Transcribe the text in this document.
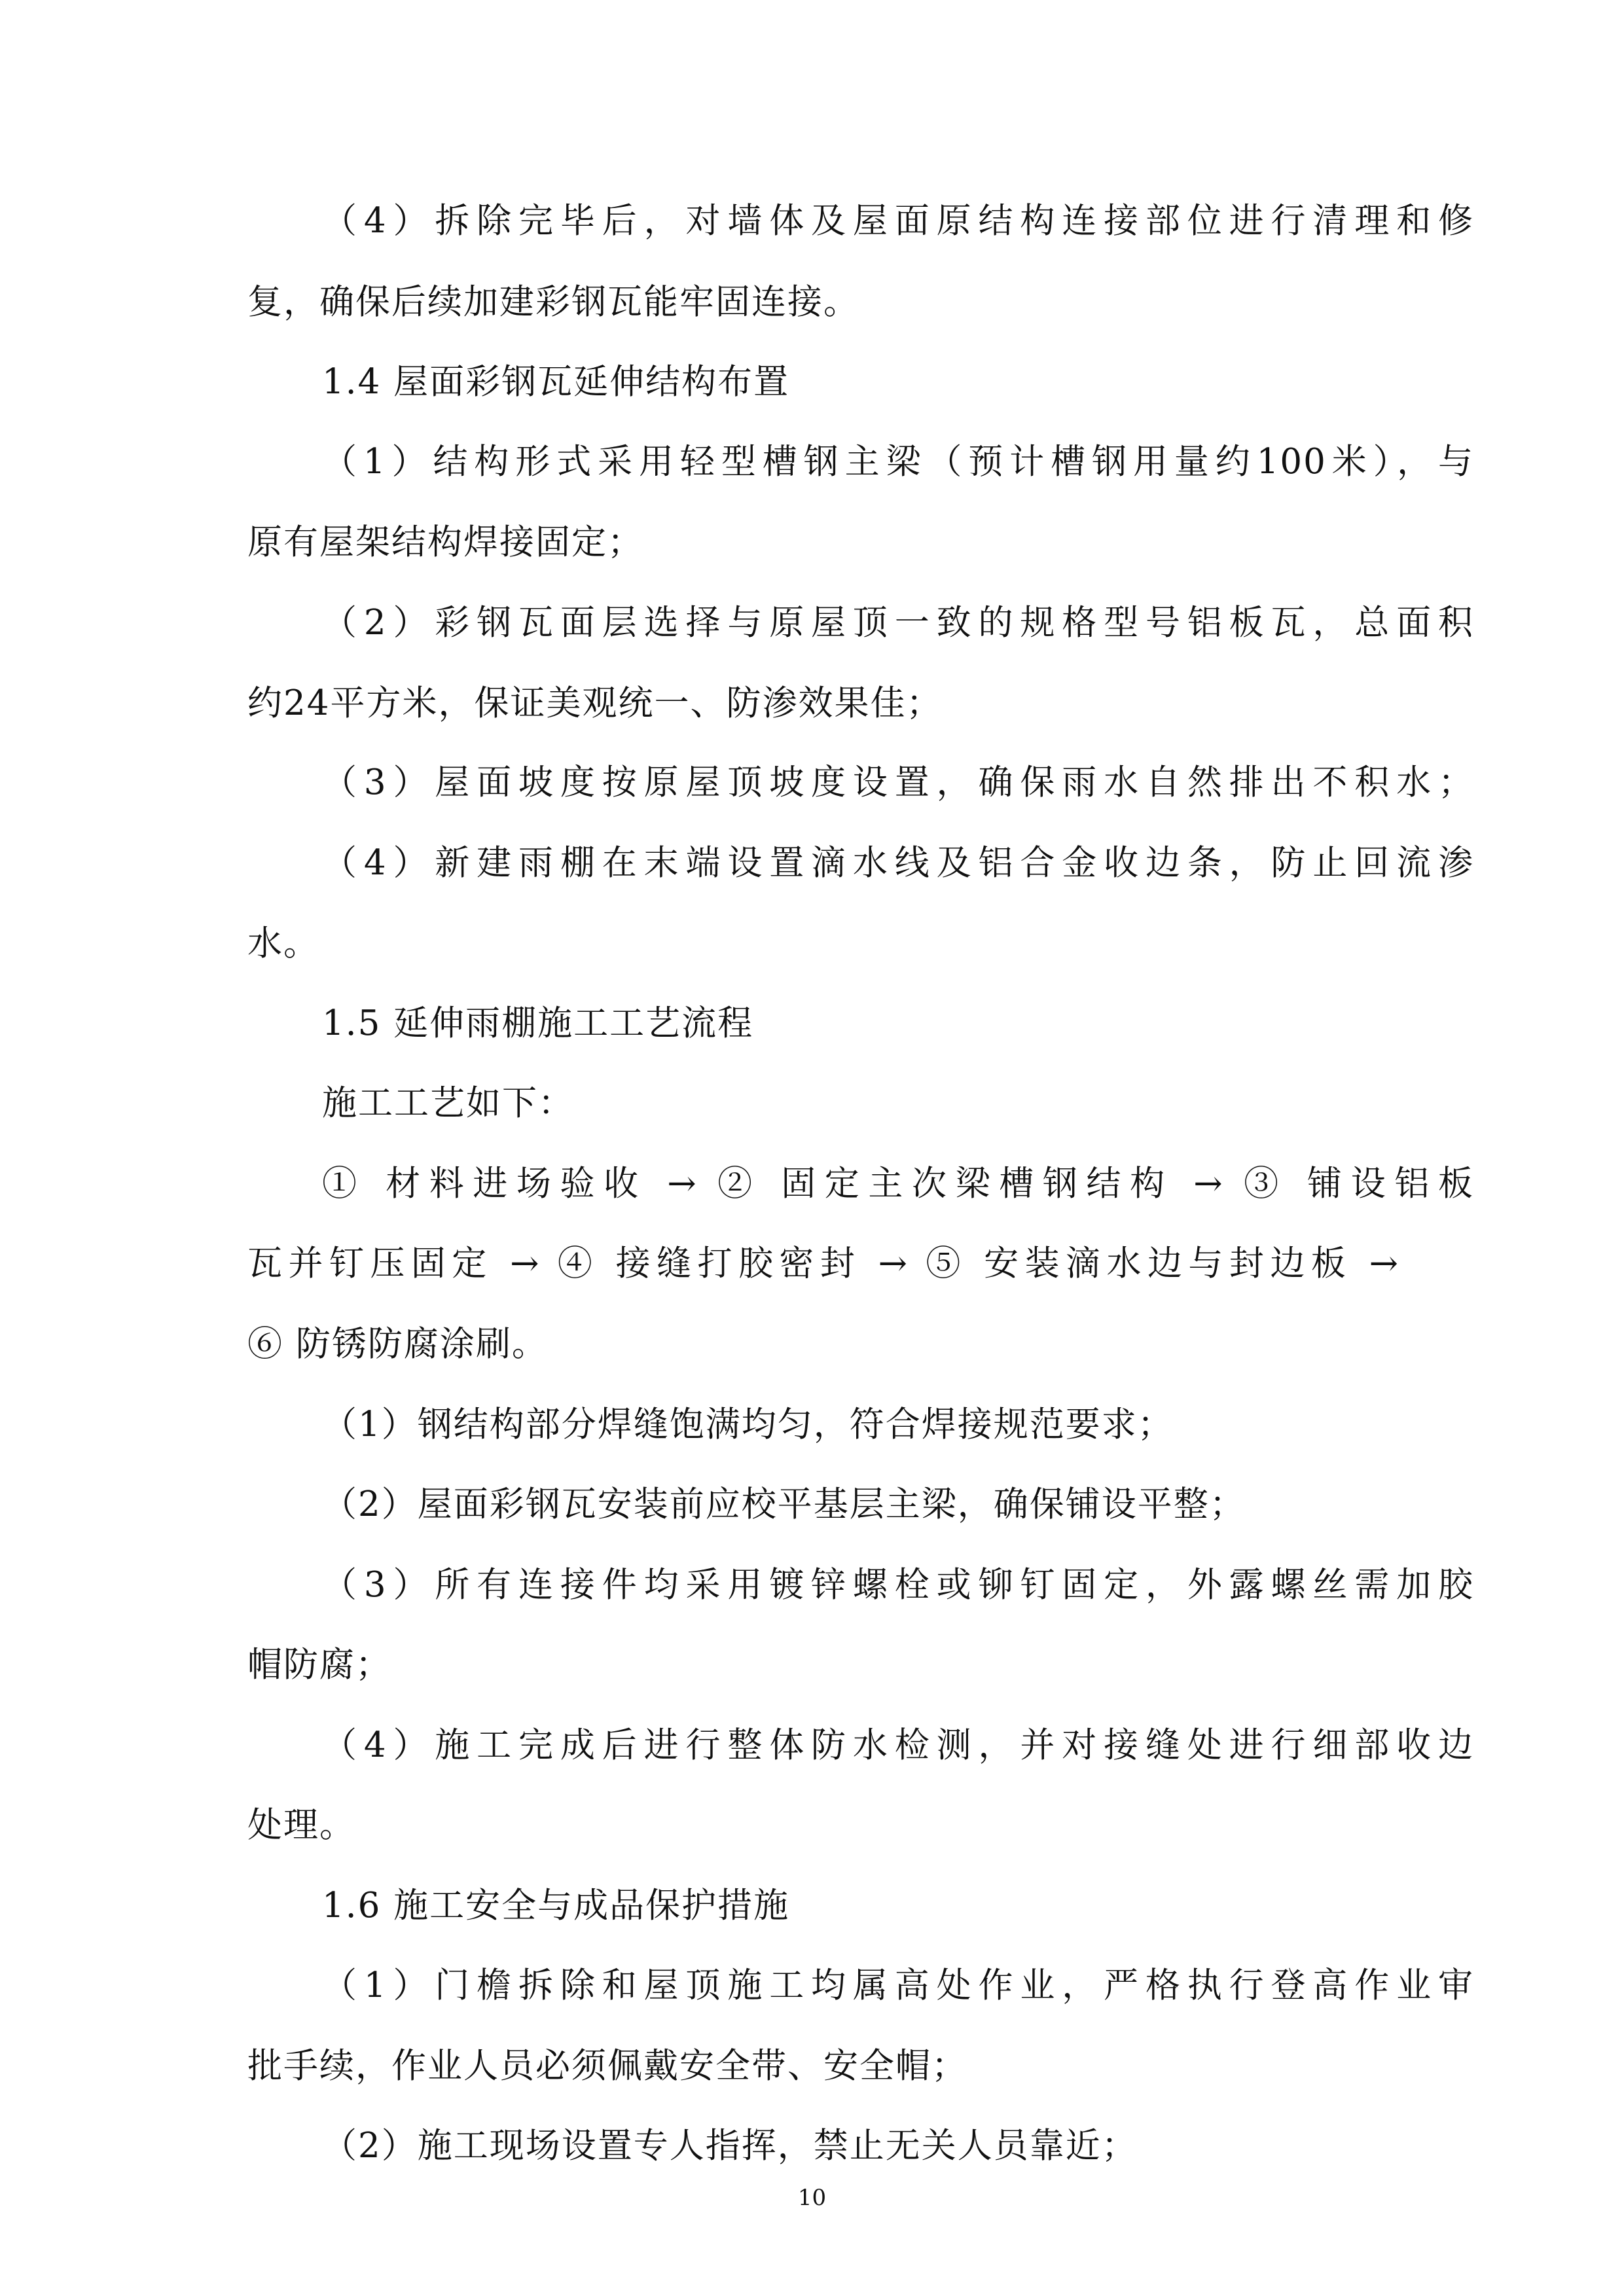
（4）拆除完毕后，对墙体及屋面原结构连接部位进行清理和修
复，确保后续加建彩钢瓦能牢固连接。
1.4 屋面彩钢瓦延伸结构布置
（1）结构形式采用轻型槽钢主梁（预计槽钢用量约100米），与
原有屋架结构焊接固定；
（2）彩钢瓦面层选择与原屋顶一致的规格型号铝板瓦，总面积
约24平方米，保证美观统一、防渗效果佳；
（3）屋面坡度按原屋顶坡度设置，确保雨水自然排出不积水；
（4）新建雨棚在末端设置滴水线及铝合金收边条，防止回流渗
水。
1.5 延伸雨棚施工工艺流程
施工工艺如下：
① 材料进场验收 → ② 固定主次梁槽钢结构 → ③ 铺设铝板
瓦并钉压固定 → ④ 接缝打胶密封 → ⑤ 安装滴水边与封边板 →
⑥ 防锈防腐涂刷。
（1）钢结构部分焊缝饱满均匀，符合焊接规范要求；
（2）屋面彩钢瓦安装前应校平基层主梁，确保铺设平整；
（3）所有连接件均采用镀锌螺栓或铆钉固定，外露螺丝需加胶
帽防腐；
（4）施工完成后进行整体防水检测，并对接缝处进行细部收边
处理。
1.6 施工安全与成品保护措施
（1）门檐拆除和屋顶施工均属高处作业，严格执行登高作业审
批手续，作业人员必须佩戴安全带、安全帽；
（2）施工现场设置专人指挥，禁止无关人员靠近；
10
